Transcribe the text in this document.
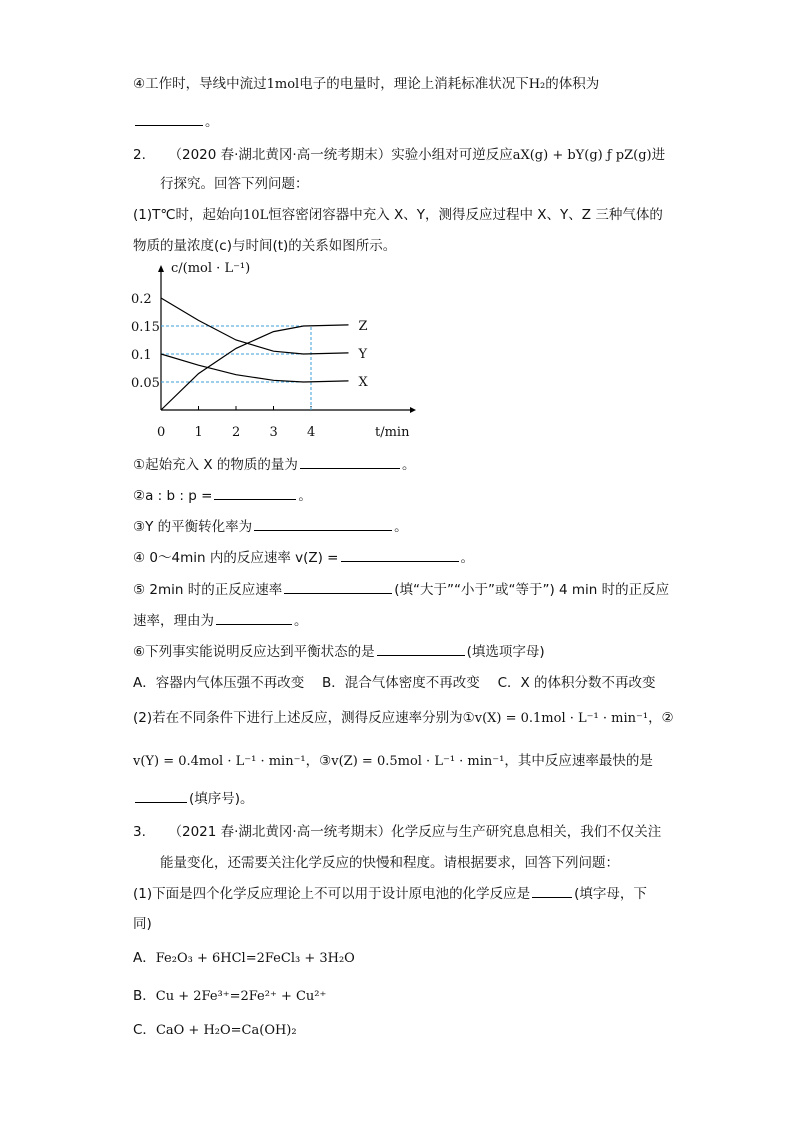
④工作时，导线中流过1mol电子的电量时，理论上消耗标准状况下H₂的体积为
。
2. （2020 春·湖北黄冈·高一统考期末）实验小组对可逆反应aX(g) + bY(g) ƒ pZ(g)进
行探究。回答下列问题：
(1)T℃时，起始向10L恒容密闭容器中充入 X、Y，测得反应过程中 X、Y、Z 三种气体的
物质的量浓度(c)与时间(t)的关系如图所示。
c/(mol · L⁻¹)
t/min
0 1 2 3 4
0.05
0.1
0.15
0.2
Z
Y
X
①起始充入 X 的物质的量为	。
②a : b : p =	。
③Y 的平衡转化率为	。
④ 0～4min 内的反应速率 v(Z) =	。
⑤ 2min 时的正反应速率	(填“大于”“小于”或“等于”) 4 min 时的正反应
速率，理由为	。
⑥下列事实能说明反应达到平衡状态的是	(填选项字母)
A．容器内气体压强不再改变　 B．混合气体密度不再改变　 C．X 的体积分数不再改变
(2)若在不同条件下进行上述反应，测得反应速率分别为①v(X) = 0.1mol · L⁻¹ · min⁻¹，②
v(Y) = 0.4mol · L⁻¹ · min⁻¹，③v(Z) = 0.5mol · L⁻¹ · min⁻¹，其中反应速率最快的是
(填序号)。
3. （2021 春·湖北黄冈·高一统考期末）化学反应与生产研究息息相关，我们不仅关注
能量变化，还需要关注化学反应的快慢和程度。请根据要求，回答下列问题：
(1)下面是四个化学反应理论上不可以用于设计原电池的化学反应是	(填字母，下
同)
A．Fe₂O₃ + 6HCl=2FeCl₃ + 3H₂O
B．Cu + 2Fe³⁺=2Fe²⁺ + Cu²⁺
C．CaO + H₂O=Ca(OH)₂
